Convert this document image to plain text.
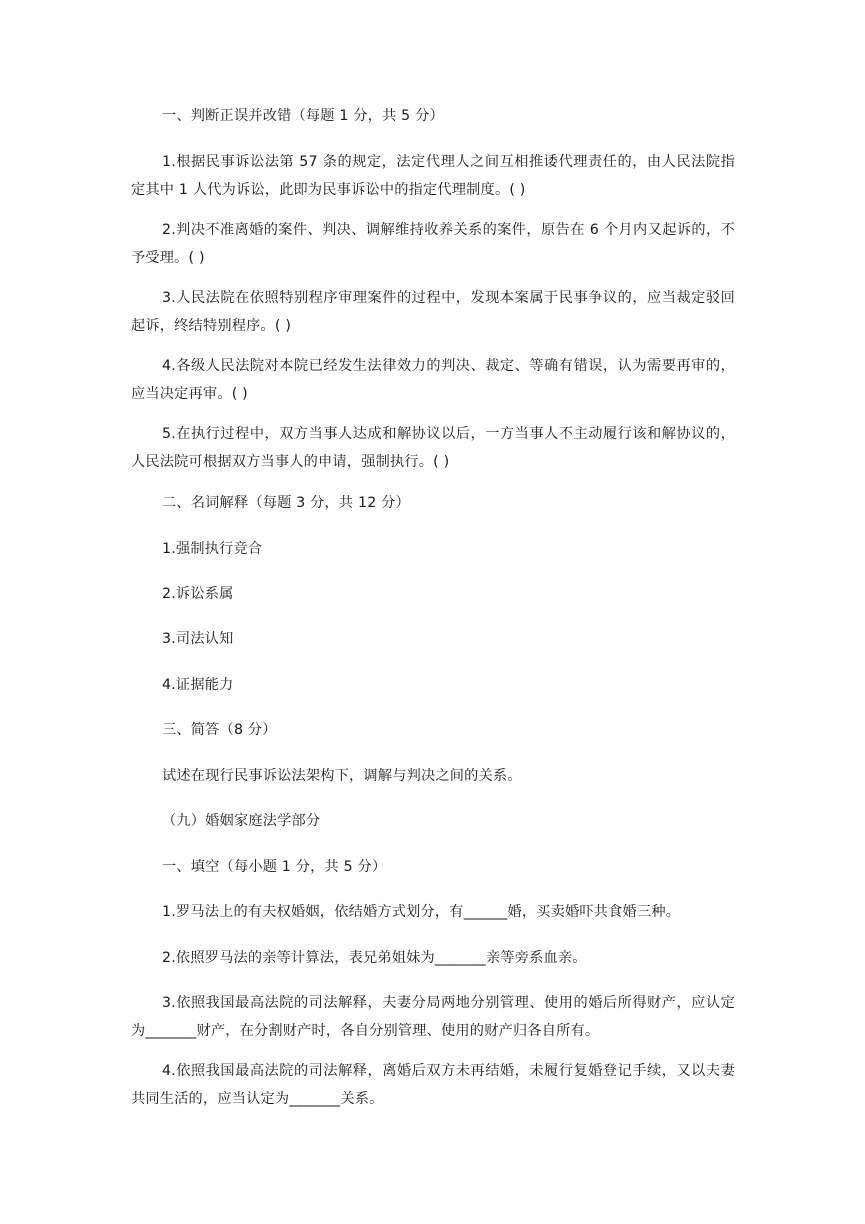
一、判断正误并改错（每题 1 分，共 5 分）

1.根据民事诉讼法第 57 条的规定，法定代理人之间互相推诿代理责任的，由人民法院指定其中 1 人代为诉讼，此即为民事诉讼中的指定代理制度。( )

2.判决不准离婚的案件、判决、调解维持收养关系的案件，原告在 6 个月内又起诉的，不予受理。( )

3.人民法院在依照特别程序审理案件的过程中，发现本案属于民事争议的，应当裁定驳回起诉，终结特别程序。( )

4.各级人民法院对本院已经发生法律效力的判决、裁定、等确有错误，认为需要再审的，应当决定再审。( )

5.在执行过程中，双方当事人达成和解协议以后，一方当事人不主动履行该和解协议的，人民法院可根据双方当事人的申请，强制执行。( )

二、名词解释（每题 3 分，共 12 分）

1.强制执行竞合

2.诉讼系属

3.司法认知

4.证据能力

三、简答（8 分）

试述在现行民事诉讼法架构下，调解与判决之间的关系。

（九）婚姻家庭法学部分

一、填空（每小题 1 分，共 5 分）

1.罗马法上的有夫权婚姻，依结婚方式划分，有______婚，买卖婚吓共食婚三种。

2.依照罗马法的亲等计算法，表兄弟姐妹为_______亲等旁系血亲。

3.依照我国最高法院的司法解释，夫妻分局两地分别管理、使用的婚后所得财产，应认定为_______财产，在分割财产时，各自分别管理、使用的财产归各自所有。

4.依照我国最高法院的司法解释，离婚后双方未再结婚，未履行复婚登记手续，又以夫妻共同生活的，应当认定为_______关系。
